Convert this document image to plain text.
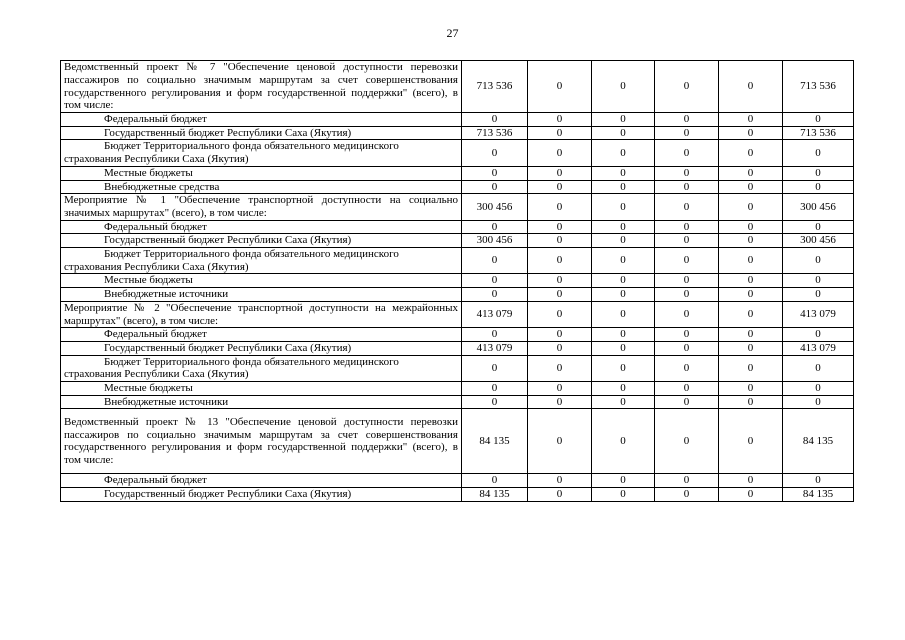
27
Ведомственный проект № 7 "Обеспечение ценовой доступности перевозки пассажиров по социально значимым маршрутам за счет совершенствования государственного регулирования и форм государственной поддержки" (всего), в том числе:	713 536	0	0	0	0	713 536
Федеральный бюджет	0	0	0	0	0	0
Государственный бюджет Республики Саха (Якутия)	713 536	0	0	0	0	713 536
Бюджет Территориального фонда обязательного медицинского страхования Республики Саха (Якутия)	0	0	0	0	0	0
Местные бюджеты	0	0	0	0	0	0
Внебюджетные средства	0	0	0	0	0	0
Мероприятие № 1 "Обеспечение транспортной доступности на социально значимых маршрутах" (всего), в том числе:	300 456	0	0	0	0	300 456
Федеральный бюджет	0	0	0	0	0	0
Государственный бюджет Республики Саха (Якутия)	300 456	0	0	0	0	300 456
Бюджет Территориального фонда обязательного медицинского страхования Республики Саха (Якутия)	0	0	0	0	0	0
Местные бюджеты	0	0	0	0	0	0
Внебюджетные источники	0	0	0	0	0	0
Мероприятие № 2 "Обеспечение транспортной доступности на межрайонных маршрутах" (всего), в том числе:	413 079	0	0	0	0	413 079
Федеральный бюджет	0	0	0	0	0	0
Государственный бюджет Республики Саха (Якутия)	413 079	0	0	0	0	413 079
Бюджет Территориального фонда обязательного медицинского страхования Республики Саха (Якутия)	0	0	0	0	0	0
Местные бюджеты	0	0	0	0	0	0
Внебюджетные источники	0	0	0	0	0	0
Ведомственный проект № 13 "Обеспечение ценовой доступности перевозки пассажиров по социально значимым маршрутам за счет совершенствования государственного регулирования и форм государственной поддержки" (всего), в том числе:	84 135	0	0	0	0	84 135
Федеральный бюджет	0	0	0	0	0	0
Государственный бюджет Республики Саха (Якутия)	84 135	0	0	0	0	84 135
